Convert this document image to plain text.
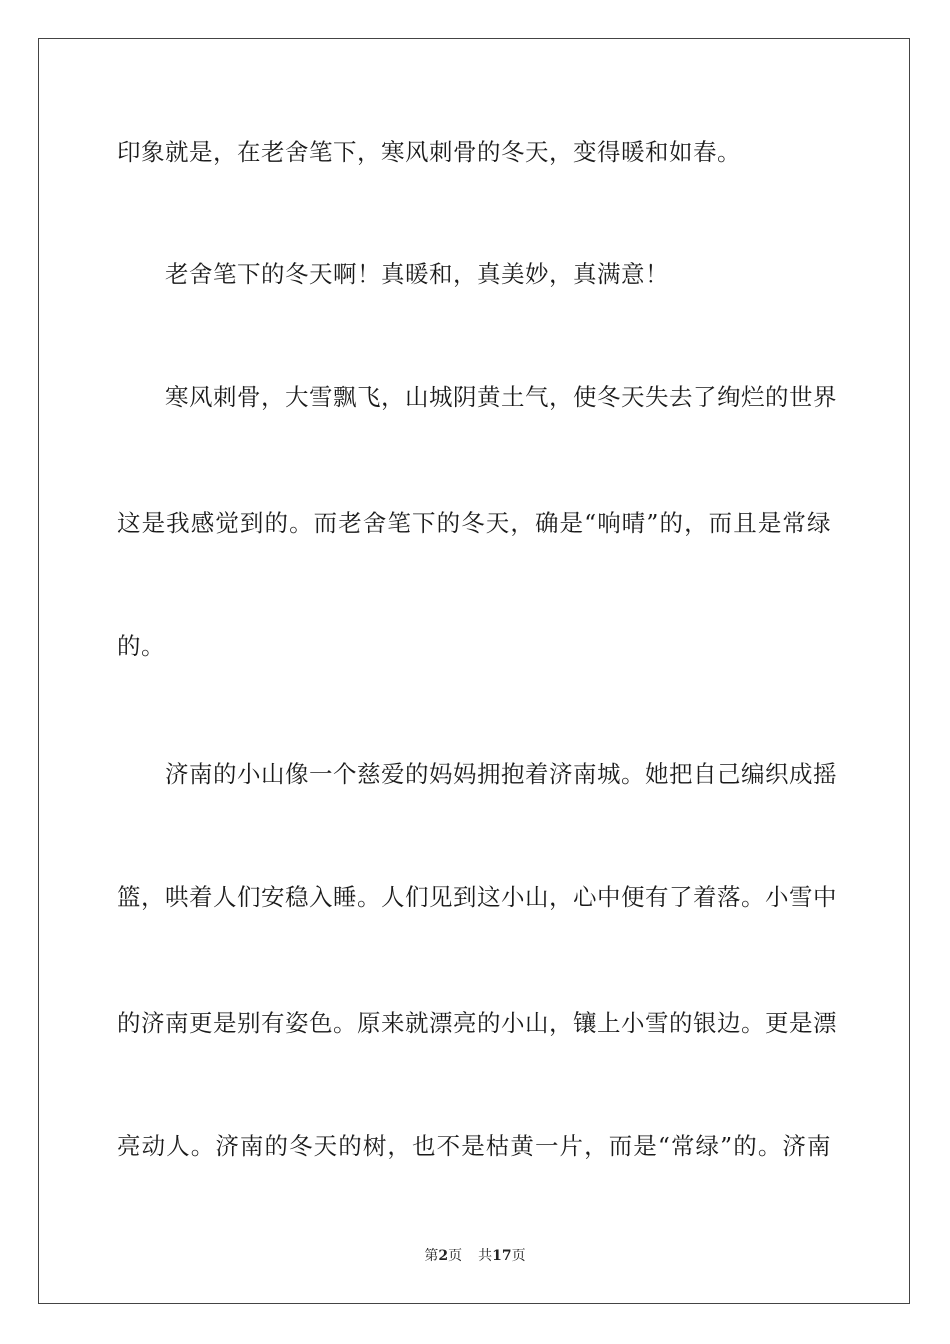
印象就是，在老舍笔下，寒风刺骨的冬天，变得暖和如春。
老舍笔下的冬天啊！真暖和，真美妙，真满意！
寒风刺骨，大雪飘飞，山城阴黄土气，使冬天失去了绚烂的世界
这是我感觉到的。而老舍笔下的冬天，确是“响晴”的，而且是常绿
的。
济南的小山像一个慈爱的妈妈拥抱着济南城。她把自己编织成摇
篮，哄着人们安稳入睡。人们见到这小山，心中便有了着落。小雪中
的济南更是别有姿色。原来就漂亮的小山，镶上小雪的银边。更是漂
亮动人。济南的冬天的树，也不是枯黄一片，而是“常绿”的。济南
第2页 共17页
